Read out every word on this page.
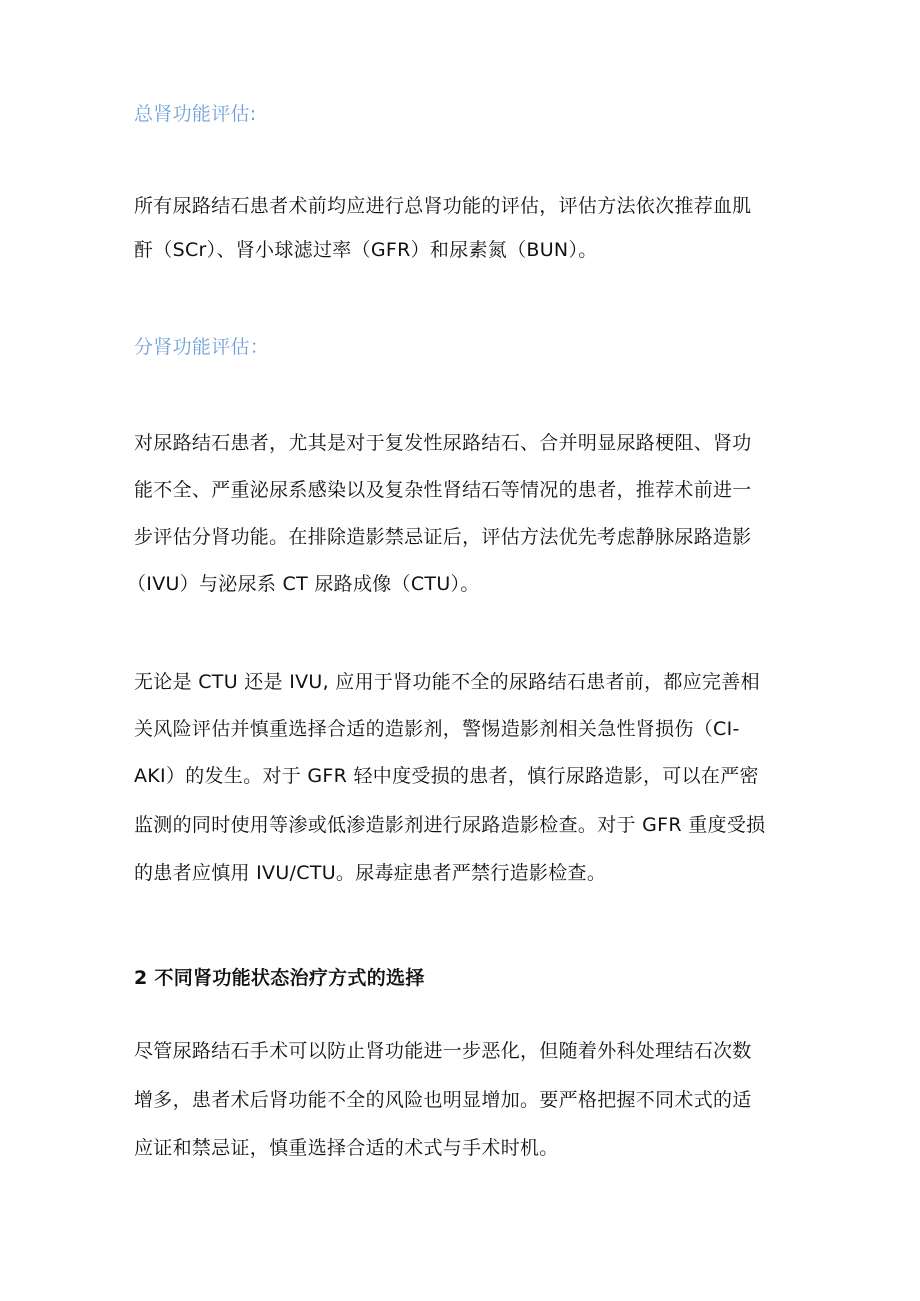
总肾功能评估:
所有尿路结石患者术前均应进行总肾功能的评估，评估方法依次推荐血肌
酐（SCr）、肾小球滤过率（GFR）和尿素氮（BUN）。
分肾功能评估：
对尿路结石患者，尤其是对于复发性尿路结石、合并明显尿路梗阻、肾功
能不全、严重泌尿系感染以及复杂性肾结石等情况的患者，推荐术前进一
步评估分肾功能。在排除造影禁忌证后，评估方法优先考虑静脉尿路造影
（IVU）与泌尿系 CT 尿路成像（CTU）。
无论是 CTU 还是 IVU, 应用于肾功能不全的尿路结石患者前，都应完善相
关风险评估并慎重选择合适的造影剂，警惕造影剂相关急性肾损伤（CI-
AKI）的发生。对于 GFR 轻中度受损的患者，慎行尿路造影，可以在严密
监测的同时使用等渗或低渗造影剂进行尿路造影检查。对于 GFR 重度受损
的患者应慎用 IVU/CTU。尿毒症患者严禁行造影检查。
2 不同肾功能状态治疗方式的选择
尽管尿路结石手术可以防止肾功能进一步恶化，但随着外科处理结石次数
增多，患者术后肾功能不全的风险也明显增加。要严格把握不同术式的适
应证和禁忌证，慎重选择合适的术式与手术时机。
